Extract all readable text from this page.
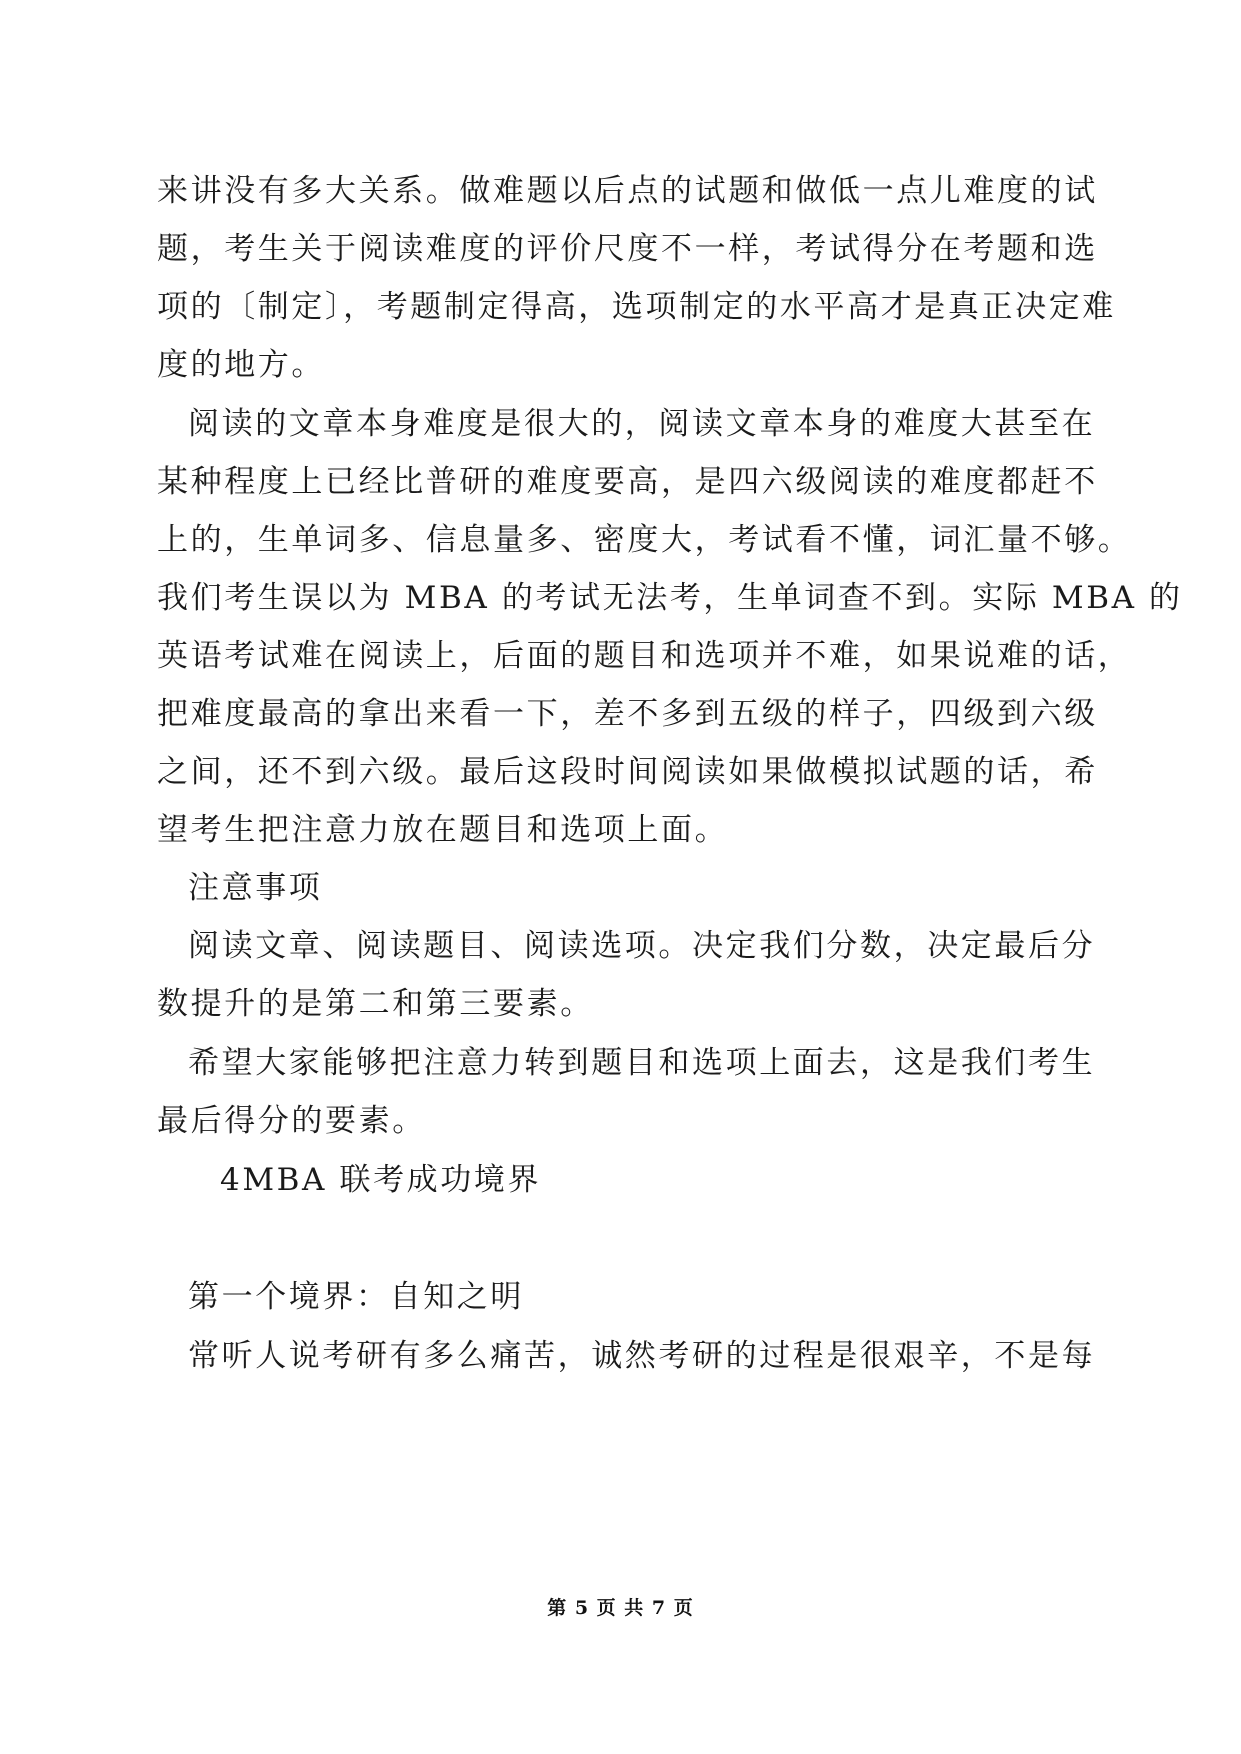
来讲没有多大关系。做难题以后点的试题和做低一点儿难度的试
题，考生关于阅读难度的评价尺度不一样，考试得分在考题和选
项的〔制定〕，考题制定得高，选项制定的水平高才是真正决定难
度的地方。
阅读的文章本身难度是很大的，阅读文章本身的难度大甚至在
某种程度上已经比普研的难度要高，是四六级阅读的难度都赶不
上的，生单词多、信息量多、密度大，考试看不懂，词汇量不够。
我们考生误以为 MBA 的考试无法考，生单词查不到。实际 MBA 的
英语考试难在阅读上，后面的题目和选项并不难，如果说难的话，
把难度最高的拿出来看一下，差不多到五级的样子，四级到六级
之间，还不到六级。最后这段时间阅读如果做模拟试题的话，希
望考生把注意力放在题目和选项上面。
注意事项
阅读文章、阅读题目、阅读选项。决定我们分数，决定最后分
数提升的是第二和第三要素。
希望大家能够把注意力转到题目和选项上面去，这是我们考生
最后得分的要素。
4MBA 联考成功境界
第一个境界：自知之明
常听人说考研有多么痛苦，诚然考研的过程是很艰辛，不是每
第 5 页 共 7 页
